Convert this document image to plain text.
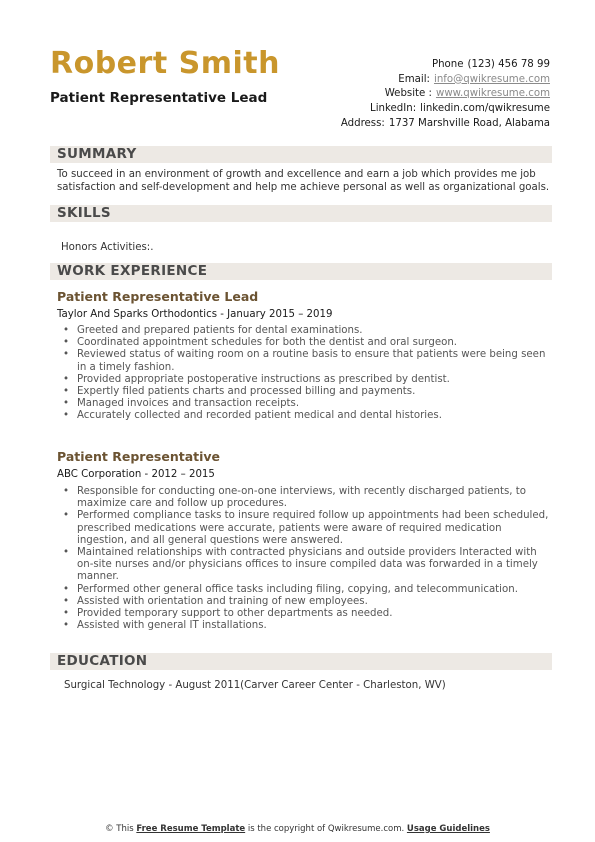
Robert Smith
Patient Representative Lead
Phone (123) 456 78 99
Email: info@qwikresume.com
Website : www.qwikresume.com
LinkedIn: linkedin.com/qwikresume
Address: 1737 Marshville Road, Alabama
SUMMARY
To succeed in an environment of growth and excellence and earn a job which provides me job satisfaction and self-development and help me achieve personal as well as organizational goals.
SKILLS
Honors Activities:.
WORK EXPERIENCE
Patient Representative Lead
Taylor And Sparks Orthodontics - January 2015 – 2019
• Greeted and prepared patients for dental examinations.
• Coordinated appointment schedules for both the dentist and oral surgeon.
• Reviewed status of waiting room on a routine basis to ensure that patients were being seen in a timely fashion.
• Provided appropriate postoperative instructions as prescribed by dentist.
• Expertly filed patients charts and processed billing and payments.
• Managed invoices and transaction receipts.
• Accurately collected and recorded patient medical and dental histories.
Patient Representative
ABC Corporation - 2012 – 2015
• Responsible for conducting one-on-one interviews, with recently discharged patients, to maximize care and follow up procedures.
• Performed compliance tasks to insure required follow up appointments had been scheduled, prescribed medications were accurate, patients were aware of required medication ingestion, and all general questions were answered.
• Maintained relationships with contracted physicians and outside providers Interacted with on-site nurses and/or physicians offices to insure compiled data was forwarded in a timely manner.
• Performed other general office tasks including filing, copying, and telecommunication.
• Assisted with orientation and training of new employees.
• Provided temporary support to other departments as needed.
• Assisted with general IT installations.
EDUCATION
Surgical Technology - August 2011(Carver Career Center - Charleston, WV)
© This Free Resume Template is the copyright of Qwikresume.com. Usage Guidelines
